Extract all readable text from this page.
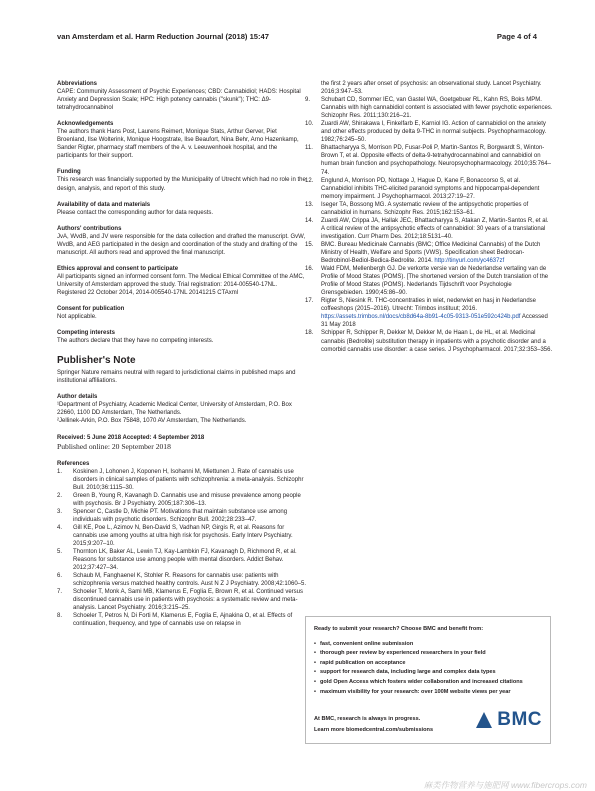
van Amsterdam et al. Harm Reduction Journal (2018) 15:47	Page 4 of 4

Abbreviations

CAPE: Community Assessment of Psychic Experiences; CBD: Cannabidiol; HADS: Hospital Anxiety and Depression Scale; HPC: High potency cannabis ("skunk"); THC: Δ9-tetrahydrocannabinol

Acknowledgements

The authors thank Hans Post, Laurens Reimert, Monique Stats, Arthur Gerver, Piet Broenland, Ilse Wolterink, Monique Hoogstrate, Ilse Beaufort, Nina Behr, Arno Hazenkamp, Sander Rigter, pharmacy staff members of the A. v. Leeuwenhoek hospital, and the participants for their support.

Funding

This research was financially supported by the Municipality of Utrecht which had no role in the design, analysis, and report of this study.

Availability of data and materials

Please contact the corresponding author for data requests.

Authors' contributions

JvA, WvdB, and JV were responsible for the data collection and drafted the manuscript. GvW, WvdB, and AEG participated in the design and coordination of the study and drafting of the manuscript. All authors read and approved the final manuscript.

Ethics approval and consent to participate

All participants signed an informed consent form. The Medical Ethical Committee of the AMC, University of Amsterdam approved the study. Trial registration: 2014-005540-17NL. Registered 22 October 2014, 2014-005540-17NL 20141215 CTAxml

Consent for publication

Not applicable.

Competing interests

The authors declare that they have no competing interests.

Publisher's Note

Springer Nature remains neutral with regard to jurisdictional claims in published maps and institutional affiliations.

Author details

¹Department of Psychiatry, Academic Medical Center, University of Amsterdam, P.O. Box 22660, 1100 DD Amsterdam, The Netherlands.

²Jellinek-Arkin, P.O. Box 75848, 1070 AV Amsterdam, The Netherlands.

Received: 5 June 2018 Accepted: 4 September 2018

Published online: 20 September 2018

References

1.	Koskinen J, Lohonen J, Koponen H, Isohanni M, Miettunen J. Rate of cannabis use disorders in clinical samples of patients with schizophrenia: a meta-analysis. Schizophr Bull. 2010;36:1115–30.
2.	Green B, Young R, Kavanagh D. Cannabis use and misuse prevalence among people with psychosis. Br J Psychiatry. 2005;187:306–13.
3.	Spencer C, Castle D, Michie PT. Motivations that maintain substance use among individuals with psychotic disorders. Schizophr Bull. 2002;28:233–47.
4.	Gill KE, Poe L, Azimov N, Ben-David S, Vadhan NP, Girgis R, et al. Reasons for cannabis use among youths at ultra high risk for psychosis. Early Interv Psychiatry. 2015;9:207–10.
5.	Thornton LK, Baker AL, Lewin TJ, Kay-Lambkin FJ, Kavanagh D, Richmond R, et al. Reasons for substance use among people with mental disorders. Addict Behav. 2012;37:427–34.
6.	Schaub M, Fanghaenel K, Stohler R. Reasons for cannabis use: patients with schizophrenia versus matched healthy controls. Aust N Z J Psychiatry. 2008;42:1060–5.
7.	Schoeler T, Monk A, Sami MB, Klamerus E, Foglia E, Brown R, et al. Continued versus discontinued cannabis use in patients with psychosis: a systematic review and meta-analysis. Lancet Psychiatry. 2016;3:215–25.
8.	Schoeler T, Petros N, Di Forti M, Klamerus E, Foglia E, Ajnakina O, et al. Effects of continuation, frequency, and type of cannabis use on relapse in
the first 2 years after onset of psychosis: an observational study. Lancet Psychiatry. 2016;3:947–53.
9.	Schubart CD, Sommer IEC, van Gastel WA, Goetgebuer RL, Kahn RS, Boks MPM. Cannabis with high cannabidiol content is associated with fewer psychotic experiences. Schizophr Res. 2011;130:216–21.
10.	Zuardi AW, Shirakawa I, Finkelfarb E, Karniol IG. Action of cannabidiol on the anxiety and other effects produced by delta 9-THC in normal subjects. Psychopharmacology. 1982;76:245–50.
11.	Bhattacharyya S, Morrison PD, Fusar-Poli P, Martin-Santos R, Borgwardt S, Winton-Brown T, et al. Opposite effects of delta-9-tetrahydrocannabinol and cannabidiol on human brain function and psychopathology. Neuropsychopharmacology. 2010;35:764–74.
12.	Englund A, Morrison PD, Nottage J, Hague D, Kane F, Bonaccorso S, et al. Cannabidiol inhibits THC-elicited paranoid symptoms and hippocampal-dependent memory impairment. J Psychopharmacol. 2013;27:19–27.
13.	Iseger TA, Bossong MG. A systematic review of the antipsychotic properties of cannabidiol in humans. Schizophr Res. 2015;162:153–61.
14.	Zuardi AW, Crippa JA, Hallak JEC, Bhattacharyya S, Atakan Z, Martin-Santos R, et al. A critical review of the antipsychotic effects of cannabidiol: 30 years of a translational investigation. Curr Pharm Des. 2012;18:5131–40.
15.	BMC. Bureau Medicinale Cannabis (BMC; Office Medicinal Cannabis) of the Dutch Ministry of Health, Welfare and Sports (VWS). Specification sheet Bedrocan-Bedrobinol-Bediol-Bedica-Bedrolite. 2014. http://tinyurl.com/yc4637zf
16.	Wald FDM, Mellenbergh GJ. De verkorte versie van de Nederlandse vertaling van de Profile of Mood States (POMS). [The shortened version of the Dutch translation of the Profile of Mood States (POMS). Nederlands Tijdschrift voor Psychologie Grensgebieden. 1990;45:86–90.
17.	Rigter S, Niesink R. THC-concentraties in wiet, nederwiet en hasj in Nederlandse coffeeshops (2015–2016). Utrecht: Trimbos instituut; 2016. https://assets.trimbos.nl/docs/cb8d64a-8b91-4c05-9313-051e592c424b.pdf Accessed 31 May 2018
18.	Schipper R, Schipper R, Dekker M, Dekker M, de Haan L, de HL, et al. Medicinal cannabis (Bedrolite) substitution therapy in inpatients with a psychotic disorder and a comorbid cannabis use disorder: a case series. J Psychopharmacol. 2017;32:353–356.

Ready to submit your research? Choose BMC and benefit from:

• fast, convenient online submission
• thorough peer review by experienced researchers in your field
• rapid publication on acceptance
• support for research data, including large and complex data types
• gold Open Access which fosters wider collaboration and increased citations
• maximum visibility for your research: over 100M website views per year
At BMC, research is always in progress.
Learn more biomedcentral.com/submissions	BMC
麻类作物营养与施肥网 www.fibercrops.com
